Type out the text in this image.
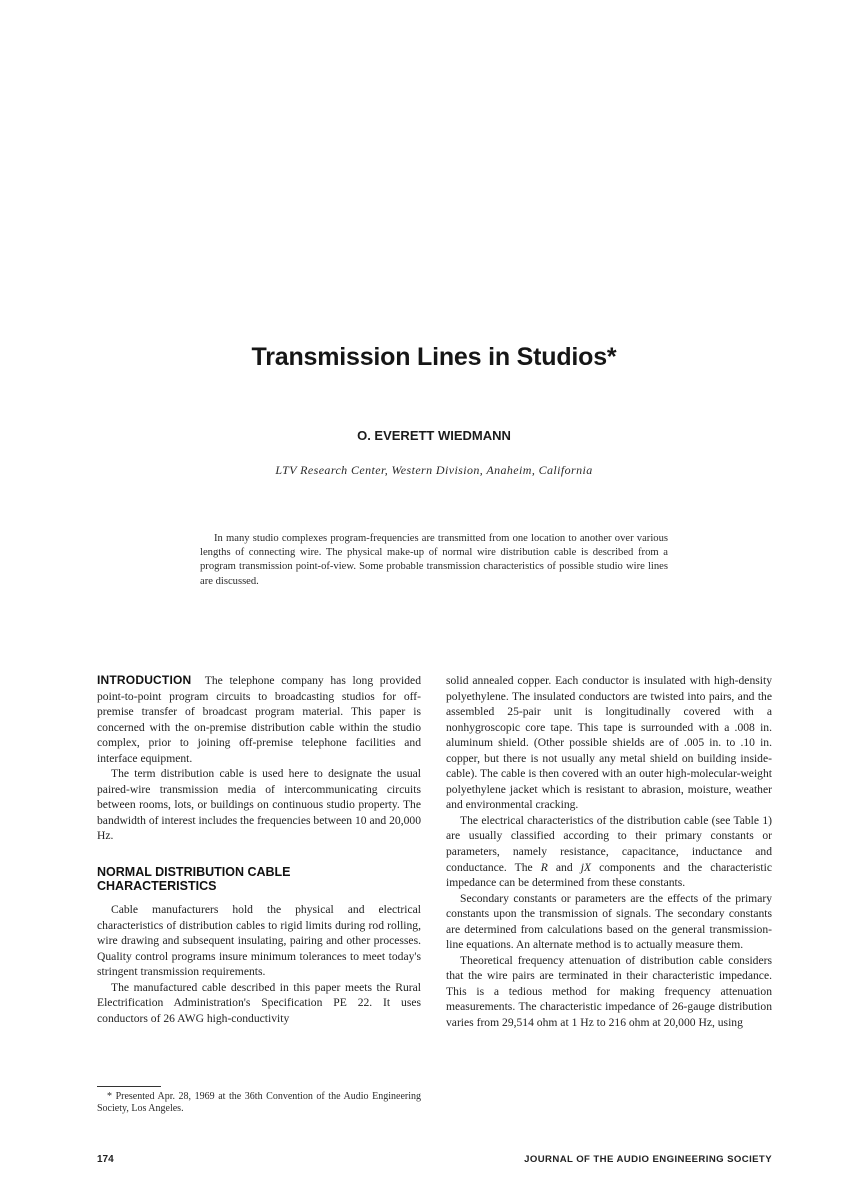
Transmission Lines in Studios*
O. EVERETT WIEDMANN
LTV Research Center, Western Division, Anaheim, California
In many studio complexes program-frequencies are transmitted from one location to another over various lengths of connecting wire. The physical make-up of normal wire distribution cable is described from a program transmission point-of-view. Some probable transmission characteristics of possible studio wire lines are discussed.

INTRODUCTION The telephone company has long provided point-to-point program circuits to broadcasting studios for off-premise transfer of broadcast program material. This paper is concerned with the on-premise distribution cable within the studio complex, prior to joining off-premise telephone facilities and interface equipment.

The term distribution cable is used here to designate the usual paired-wire transmission media of intercommunicating circuits between rooms, lots, or buildings on continuous studio property. The bandwidth of interest includes the frequencies between 10 and 20,000 Hz.

NORMAL DISTRIBUTION CABLE
CHARACTERISTICS

Cable manufacturers hold the physical and electrical characteristics of distribution cables to rigid limits during rod rolling, wire drawing and subsequent insulating, pairing and other processes. Quality control programs insure minimum tolerances to meet today's stringent transmission requirements.

The manufactured cable described in this paper meets the Rural Electrification Administration's Specification PE 22. It uses conductors of 26 AWG high-conductivity

solid annealed copper. Each conductor is insulated with high-density polyethylene. The insulated conductors are twisted into pairs, and the assembled 25-pair unit is longitudinally covered with a nonhygroscopic core tape. This tape is surrounded with a .008 in. aluminum shield. (Other possible shields are of .005 in. to .10 in. copper, but there is not usually any metal shield on building inside-cable). The cable is then covered with an outer high-molecular-weight polyethylene jacket which is resistant to abrasion, moisture, weather and environmental cracking.

The electrical characteristics of the distribution cable (see Table 1) are usually classified according to their primary constants or parameters, namely resistance, capacitance, inductance and conductance. The R and jX components and the characteristic impedance can be determined from these constants.

Secondary constants or parameters are the effects of the primary constants upon the transmission of signals. The secondary constants are determined from calculations based on the general transmission-line equations. An alternate method is to actually measure them.

Theoretical frequency attenuation of distribution cable considers that the wire pairs are terminated in their characteristic impedance. This is a tedious method for making frequency attenuation measurements. The characteristic impedance of 26-gauge distribution varies from 29,514 ohm at 1 Hz to 216 ohm at 20,000 Hz, using

* Presented Apr. 28, 1969 at the 36th Convention of the Audio Engineering Society, Los Angeles.
174	JOURNAL OF THE AUDIO ENGINEERING SOCIETY
